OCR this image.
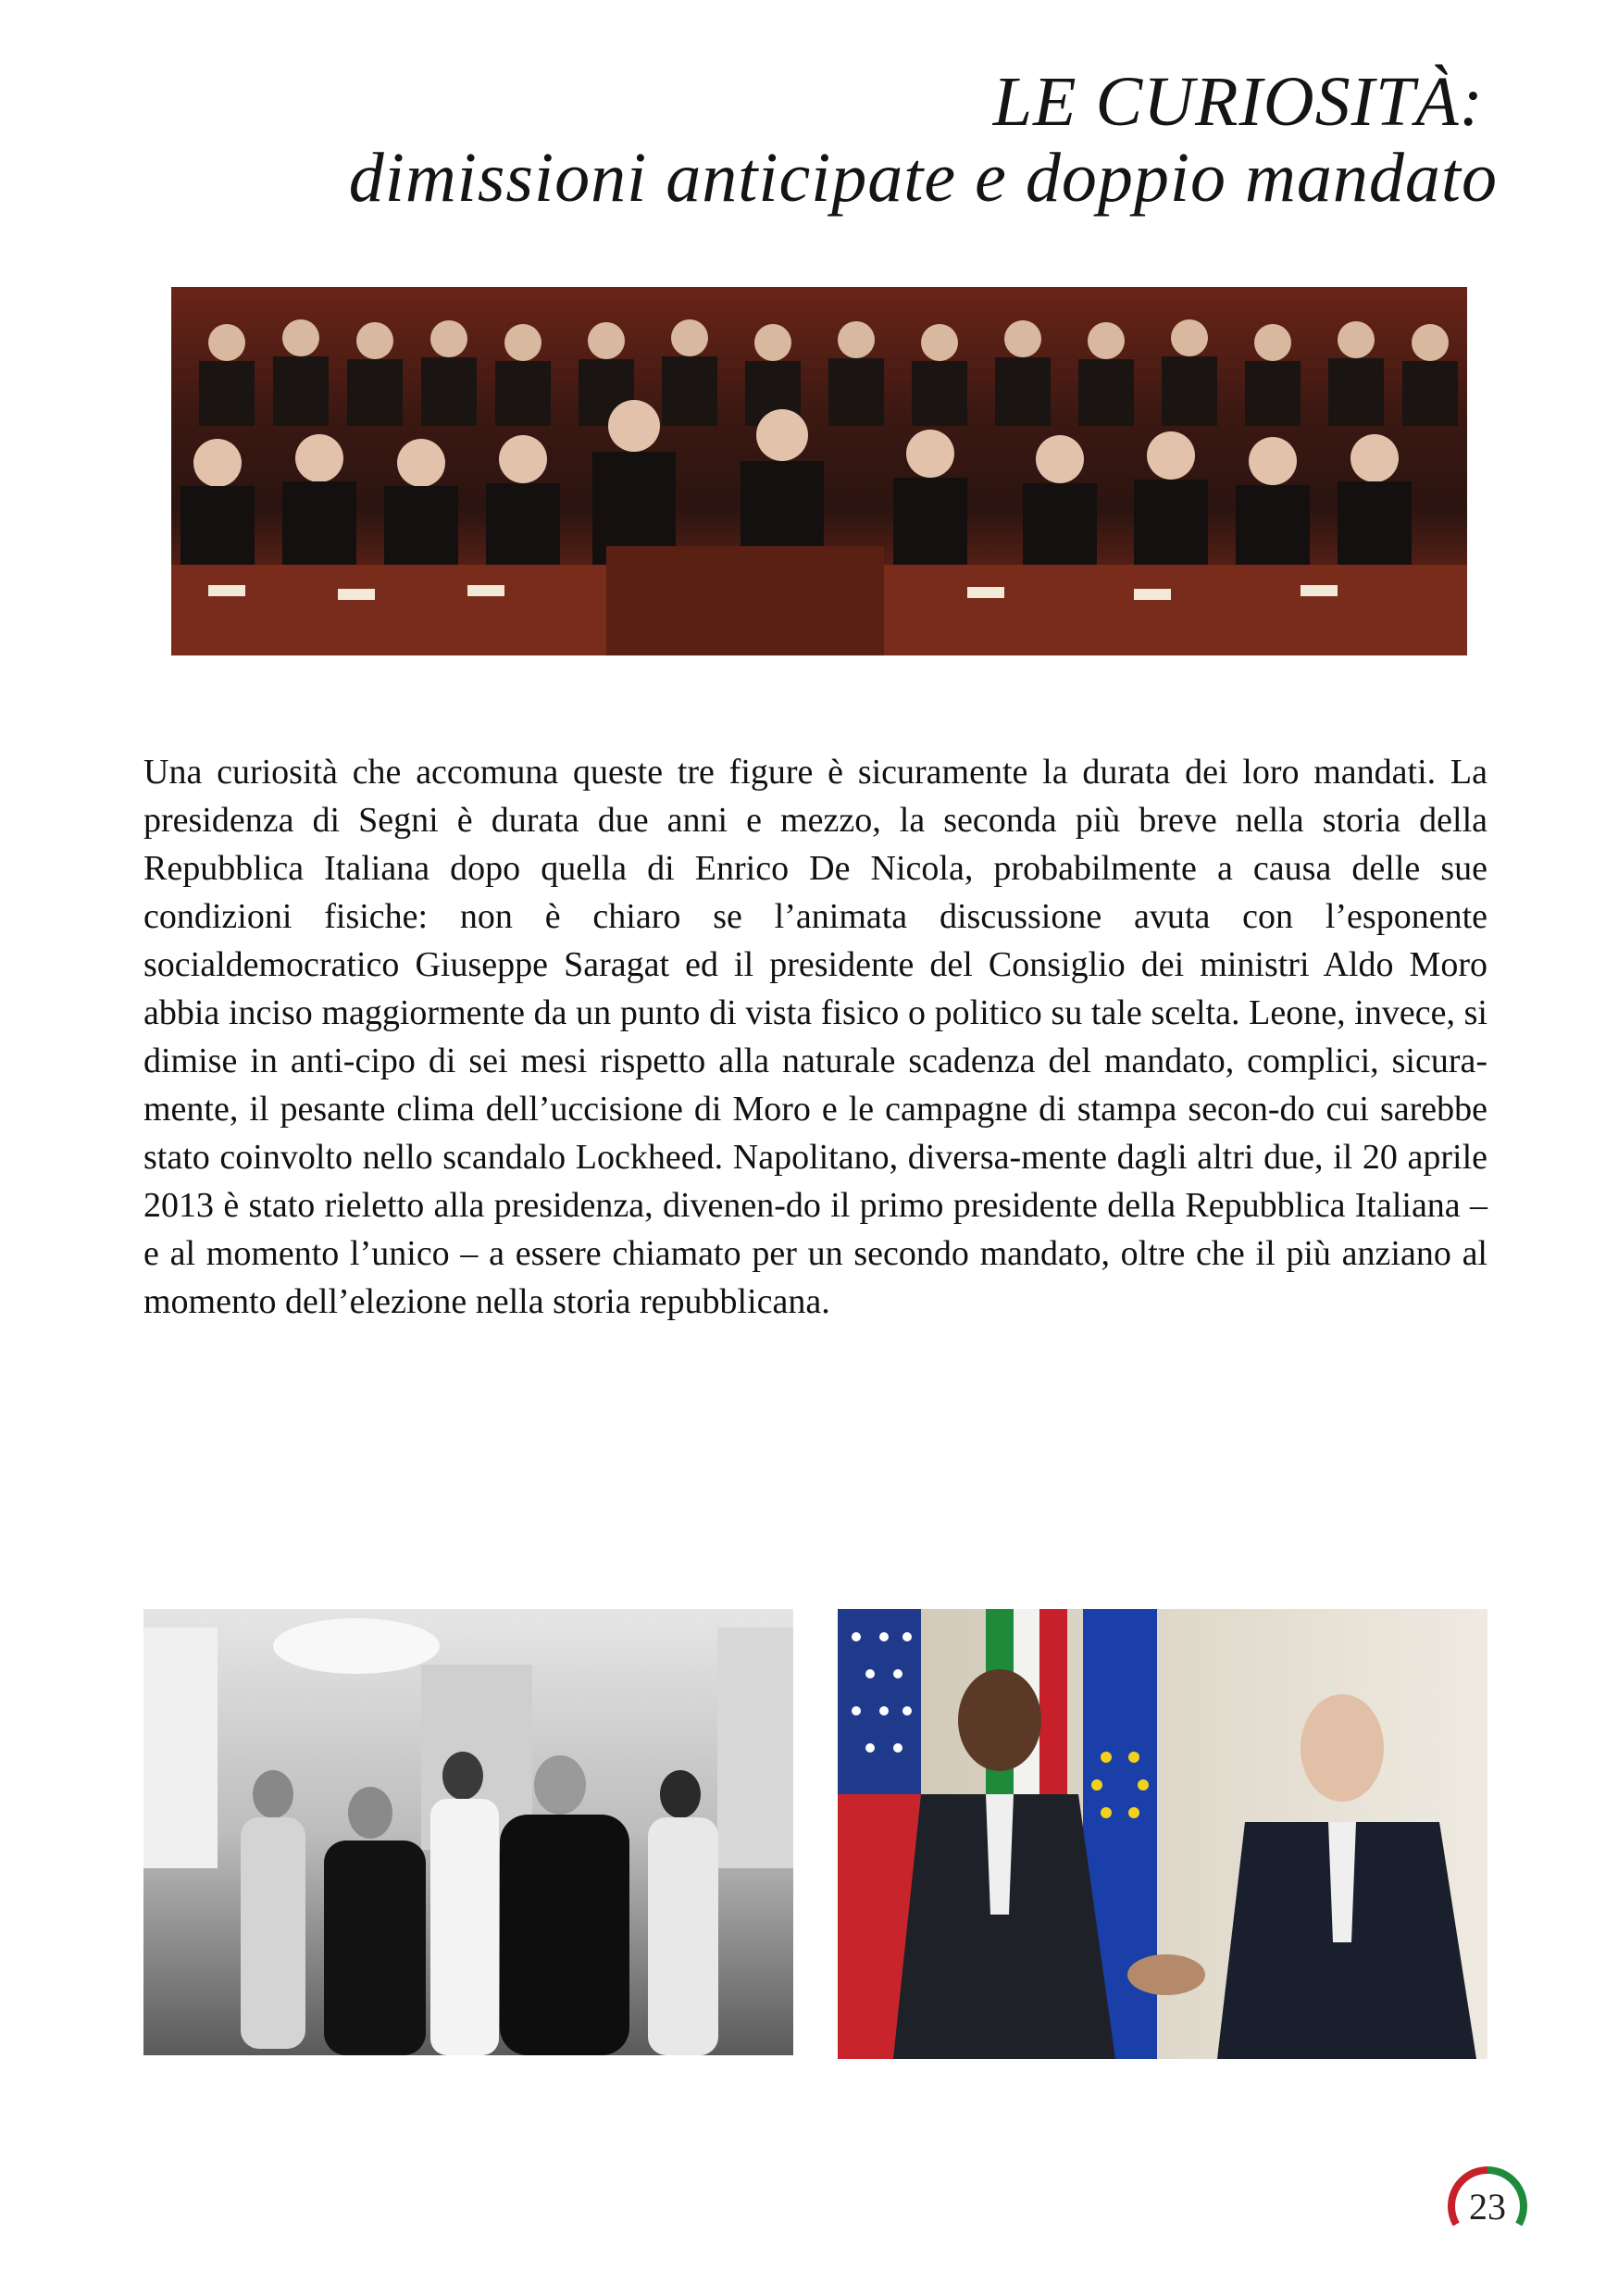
LE CURIOSITÀ:
dimissioni anticipate e doppio mandato
Una curiosità che accomuna queste tre figure è sicuramente la durata dei loro mandati. La presidenza di Segni è durata due anni e mezzo, la seconda più breve nella storia della Repubblica Italiana dopo quella di Enrico De Nicola, probabilmente a causa delle sue condizioni fisiche: non è chiaro se l’animata discussione avuta con l’esponente socialdemocratico Giuseppe Saragat ed il presidente del Consiglio dei ministri Aldo Moro abbia inciso maggiormente da un punto di vista fisico o politico su tale scelta. Leone, invece, si dimise in anti-cipo di sei mesi rispetto alla naturale scadenza del mandato, complici, sicura-mente, il pesante clima dell’uccisione di Moro e le campagne di stampa secon-do cui sarebbe stato coinvolto nello scandalo Lockheed. Napolitano, diversa-mente dagli altri due, il 20 aprile 2013 è stato rieletto alla presidenza, divenen-do il primo presidente della Repubblica Italiana – e al momento l’unico – a essere chiamato per un secondo mandato, oltre che il più anziano al momento dell’elezione nella storia repubblicana.
23
